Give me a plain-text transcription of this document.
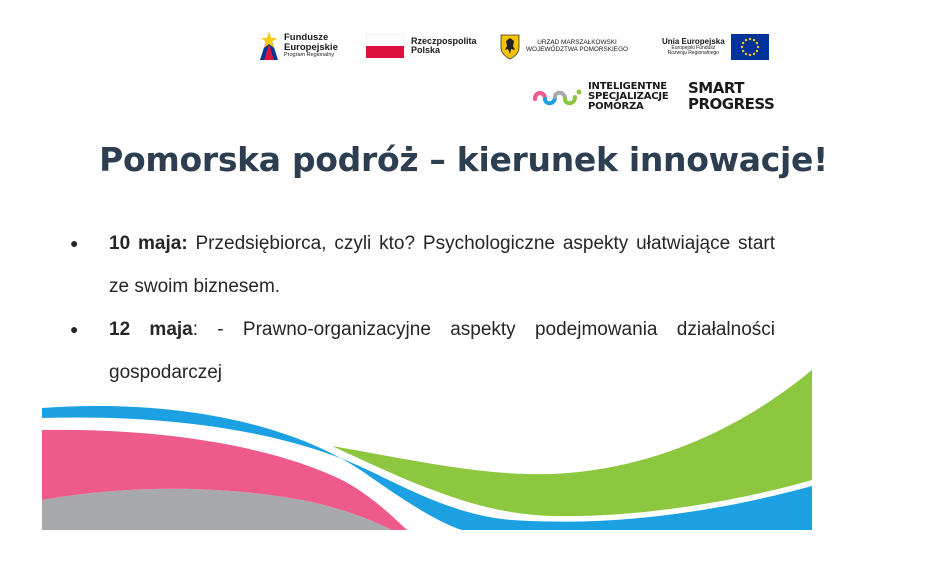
Fundusze
Europejskie
Program Regionalny
Rzeczpospolita
Polska
URZĄD MARSZAŁKOWSKI
WOJEWÓDZTWA POMORSKIEGO
Unia Europejska
Europejski Fundusz
Rozwoju Regionalnego
INTELIGENTNE
SPECJALIZACJE
POMORZA
SMART
PROGRESS
Pomorska podróż – kierunek innowacje!
● 10 maja: Przedsiębiorca, czyli kto? Psychologiczne aspekty ułatwiające start ze swoim biznesem.
● 12 maja: - Prawno-organizacyjne aspekty podejmowania działalności gospodarczej
